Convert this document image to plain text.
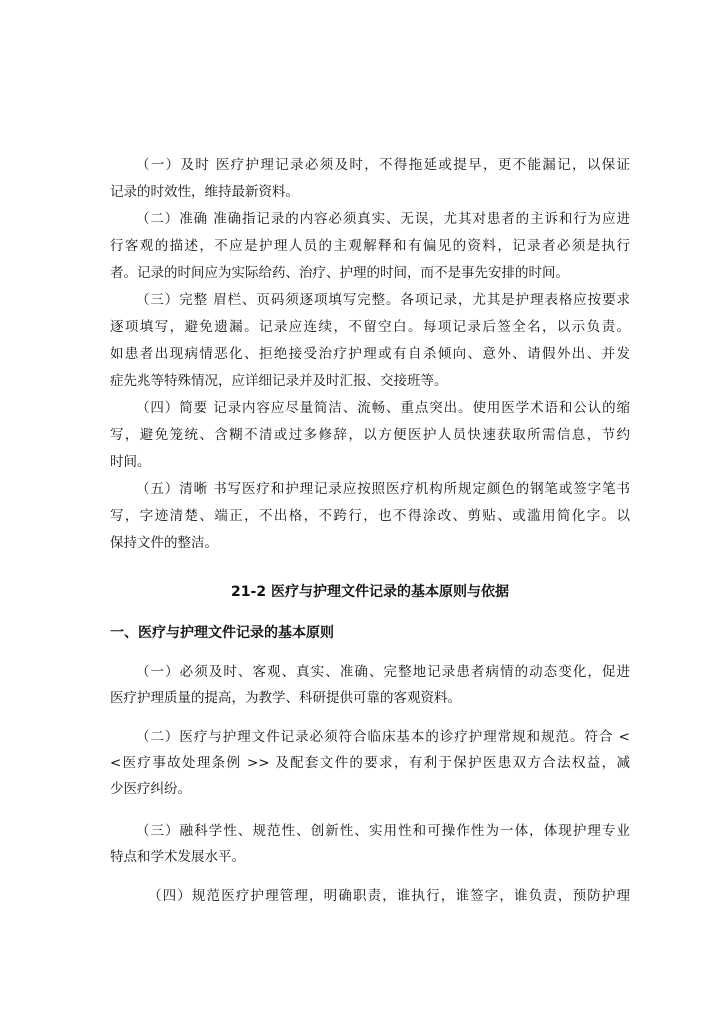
（一）及时 医疗护理记录必须及时，不得拖延或提早，更不能漏记，以保证
记录的时效性，维持最新资料。
（二）准确 准确指记录的内容必须真实、无误，尤其对患者的主诉和行为应进
行客观的描述，不应是护理人员的主观解释和有偏见的资料，记录者必须是执行
者。记录的时间应为实际给药、治疗、护理的时间，而不是事先安排的时间。
（三）完整 眉栏、页码须逐项填写完整。各项记录，尤其是护理表格应按要求
逐项填写，避免遗漏。记录应连续，不留空白。每项记录后签全名，以示负责。
如患者出现病情恶化、拒绝接受治疗护理或有自杀倾向、意外、请假外出、并发
症先兆等特殊情况，应详细记录并及时汇报、交接班等。
（四）简要 记录内容应尽量简洁、流畅、重点突出。使用医学术语和公认的缩
写，避免笼统、含糊不清或过多修辞，以方便医护人员快速获取所需信息，节约
时间。
（五）清晰 书写医疗和护理记录应按照医疗机构所规定颜色的钢笔或签字笔书
写，字迹清楚、端正，不出格，不跨行，也不得涂改、剪贴、或滥用简化字。以
保持文件的整洁。
21-2 医疗与护理文件记录的基本原则与依据
一、医疗与护理文件记录的基本原则
（一）必须及时、客观、真实、准确、完整地记录患者病情的动态变化，促进
医疗护理质量的提高，为教学、科研提供可靠的客观资料。
（二）医疗与护理文件记录必须符合临床基本的诊疗护理常规和规范。符合 <
<医疗事故处理条例 >> 及配套文件的要求，有利于保护医患双方合法权益，减
少医疗纠纷。
（三）融科学性、规范性、创新性、实用性和可操作性为一体，体现护理专业
特点和学术发展水平。
（四）规范医疗护理管理，明确职责，谁执行，谁签字，谁负责，预防护理
